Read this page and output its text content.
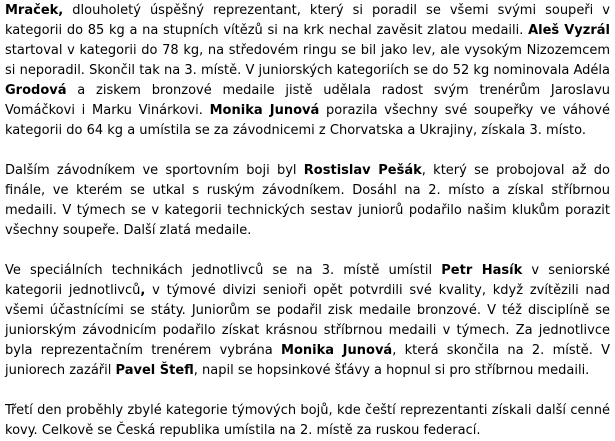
Mraček, dlouholetý úspěšný reprezentant, který si poradil se všemi svými soupeři v kategorii do 85 kg a na stupních vítězů si na krk nechal zavěsit zlatou medaili. Aleš Vyzrál startoval v kategorii do 78 kg, na středovém ringu se bil jako lev, ale vysokým Nizozemcem si neporadil. Skončil tak na 3. místě. V juniorských kategoriích se do 52 kg nominovala Adéla Grodová a ziskem bronzové medaile jistě udělala radost svým trenérům Jaroslavu Vomáčkovi i Marku Vinárkovi. Monika Junová porazila všechny své soupeřky ve váhové kategorii do 64 kg a umístila se za závodnicemi z Chorvatska a Ukrajiny, získala 3. místo.

Dalším závodníkem ve sportovním boji byl Rostislav Pešák, který se probojoval až do finále, ve kterém se utkal s ruským závodníkem. Dosáhl na 2. místo a získal stříbrnou medaili. V týmech se v kategorii technických sestav juniorů podařilo našim klukům porazit všechny soupeře. Další zlatá medaile.

Ve speciálních technikách jednotlivců se na 3. místě umístil Petr Hasík v seniorské kategorii jednotlivců, v týmové divizi senioři opět potvrdili své kvality, když zvítězili nad všemi účastnícími se státy. Juniorům se podařil zisk medaile bronzové. V též disciplíně se juniorským závodnicím podařilo získat krásnou stříbrnou medaili v týmech. Za jednotlivce byla reprezentačním trenérem vybrána Monika Junová, která skončila na 2. místě. V juniorech zazářil Pavel Štefl, napil se hopsinkové šťávy a hopnul si pro stříbrnou medaili.

Třetí den proběhly zbylé kategorie týmových bojů, kde čeští reprezentanti získali další cenné kovy. Celkově se Česká republika umístila na 2. místě za ruskou federací.
